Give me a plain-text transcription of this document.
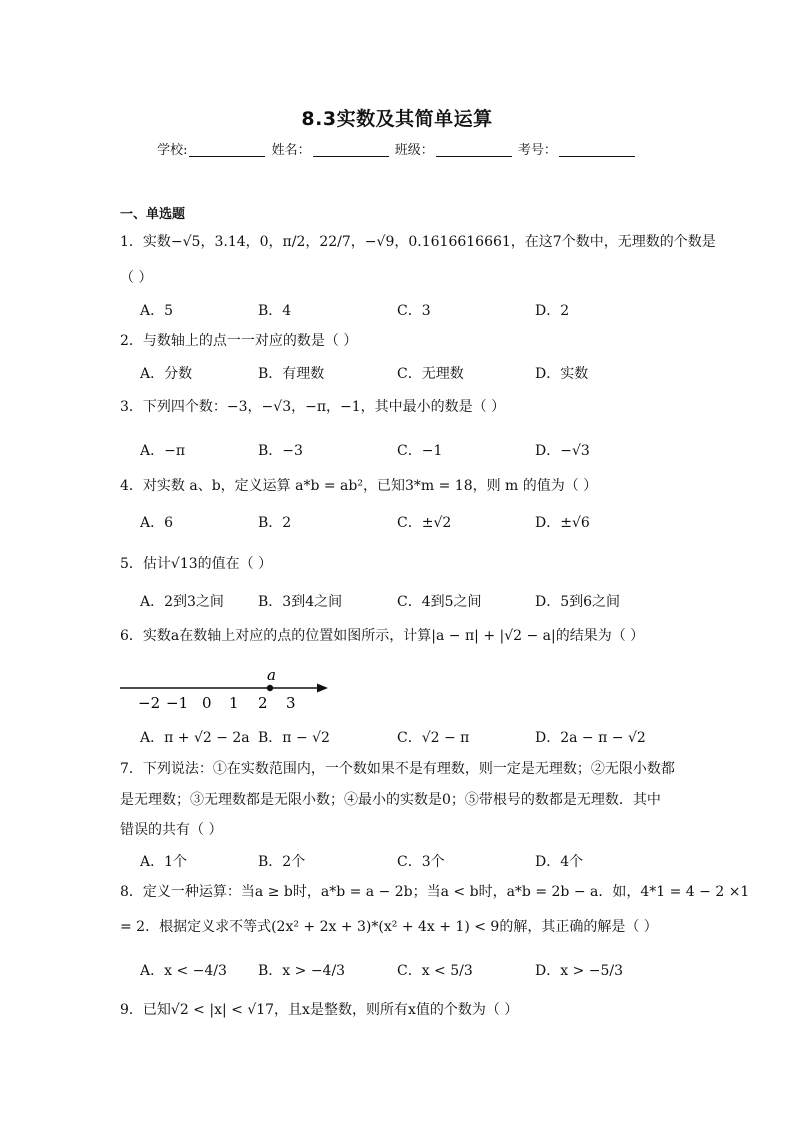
8.3实数及其简单运算
学校:	姓名：	班级：	考号：
一、单选题
1．实数−√5，3.14，0，π/2，22/7，−√9，0.1616616661，在这7个数中，无理数的个数是
（ ）
A．5	B．4	C．3	D．2
2．与数轴上的点一一对应的数是（ ）
A．分数	B．有理数	C．无理数	D．实数
3．下列四个数：−3，−√3，−π，−1，其中最小的数是（ ）
A．−π	B．−3	C．−1	D．−√3
4．对实数 a、b，定义运算 a*b = ab²，已知3*m = 18，则 m 的值为（ ）
A．6	B．2	C．±√2	D．±√6
5．估计√13的值在（ ）
A．2到3之间 B．3到4之间	C．4到5之间	D．5到6之间
6．实数a在数轴上对应的点的位置如图所示，计算|a − π| + |√2 − a|的结果为（ ）
a
−2 −1 0 1 2 3
A．π + √2 − 2a B．π − √2	C．√2 − π	D．2a − π − √2
7．下列说法：①在实数范围内，一个数如果不是有理数，则一定是无理数；②无限小数都
是无理数；③无理数都是无限小数；④最小的实数是0；⑤带根号的数都是无理数．其中
错误的共有（ ）
A．1个	B．2个	C．3个	D．4个
8．定义一种运算：当a ≥ b时，a*b = a − 2b；当a < b时，a*b = 2b − a．如，4*1 = 4 − 2 ×1
= 2．根据定义求不等式(2x² + 2x + 3)*(x² + 4x + 1) < 9的解，其正确的解是（ ）
A．x < −4/3 B．x > −4/3	C．x < 5/3	D．x > −5/3
9．已知√2 < |x| < √17，且x是整数，则所有x值的个数为（ ）
